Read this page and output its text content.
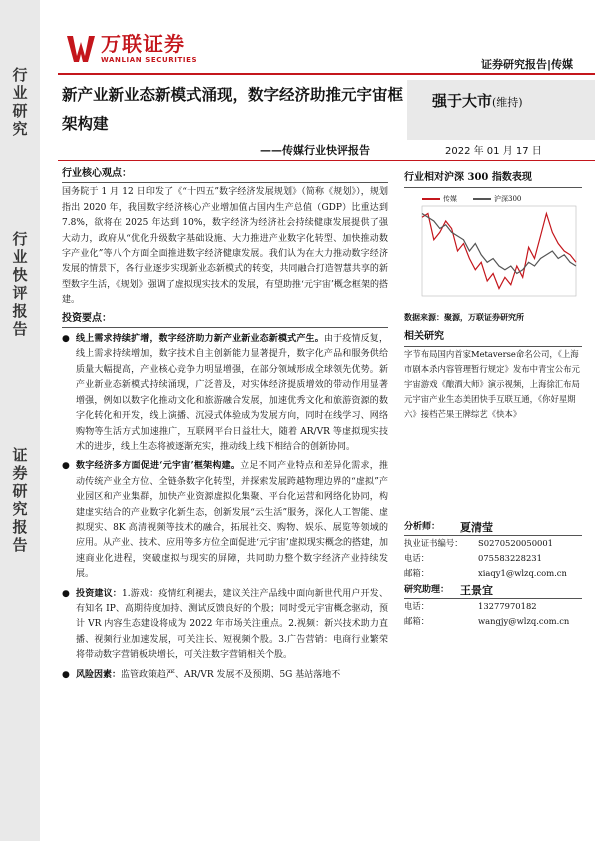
行业研究
行业快评报告
证券研究报告
万联证券
WANLIAN SECURITIES	证券研究报告|传媒
新产业新业态新模式涌现，数字经济助推元宇宙框架构建
——传媒行业快评报告
强于大市(维持)
2022 年 01 月 17 日
行业核心观点：

国务院于 1 月 12 日印发了《“十四五”数字经济发展规划》（简称《规划》），规划指出 2020 年，我国数字经济核心产业增加值占国内生产总值（GDP）比重达到 7.8%，欲将在 2025 年达到 10%，数字经济为经济社会持续健康发展提供了强大动力，政府从“优化升级数字基础设施、大力推进产业数字化转型、加快推动数字产业化”等八个方面全面推进数字经济健康发展。我们认为在大力推动数字经济发展的情景下，各行业逐步实现新业态新模式的转变，共同融合打造智慧共享的新型数字生活，《规划》强调了虚拟现实技术的发展，有望助推‘元宇宙’概念框架的搭建。

投资要点：
● 线上需求持续扩增，数字经济助力新产业新业态新模式产生。由于疫情反复，线上需求持续增加，数字技术自主创新能力显著提升，数字化产品和服务供给质量大幅提高，产业核心竞争力明显增强，在部分领域形成全球领先优势。新产业新业态新模式持续涌现，广泛普及，对实体经济提质增效的带动作用显著增强，例如以数字化推动文化和旅游融合发展，加速优秀文化和旅游资源的数字化转化和开发，线上演播、沉浸式体验成为发展方向，同时在线学习、网络购物等生活方式加速推广，互联网平台日益壮大，随着 AR/VR 等虚拟现实技术的进步，线上生态将被逐渐充实，推动线上线下相结合的创新协同。
● 数字经济多方面促进‘元宇宙’框架构建。立足不同产业特点和差异化需求，推动传统产业全方位、全链条数字化转型，并探索发展跨越物理边界的“虚拟”产业园区和产业集群，加快产业资源虚拟化集聚、平台化运营和网络化协同，构建虚实结合的产业数字化新生态，创新发展“云生活”服务，深化人工智能、虚拟现实、8K 高清视频等技术的融合，拓展社交、购物、娱乐、展览等领域的应用。从产业、技术、应用等多方位全面促进‘元宇宙’虚拟现实概念的搭建，加速商业化进程，突破虚拟与现实的屏障，共同助力整个数字经济产业持续发展。
● 投资建议：1.游戏：疫情红利褪去，建议关注产品线中面向新世代用户开发、有知名 IP、高期待度加持、测试反馈良好的个股；同时受元宇宙概念驱动，预计 VR 内容生态建设将成为 2022 年市场关注重点。2.视频：新兴技术助力直播、视频行业加速发展，可关注长、短视频个股。3.广告营销：电商行业繁荣将带动数字营销板块增长，可关注数字营销相关个股。
● 风险因素：监管政策趋严、AR/VR 发展不及预期、5G 基站落地不
行业相对沪深 300 指数表现
传媒	沪深300
数据来源：聚源，万联证券研究所
相关研究
字节布局国内首家Metaverse命名公司，《上海市剧本杀内容管理暂行规定》发布中青宝公布元宇宙游戏《酿酒大师》演示视频，上海徐汇布局元宇宙产业生态美团快手互联互通，《你好星期六》接档芒果王牌综艺《快本》
分析师：	夏清莹
执业证书编号：	S0270520050001
电话：	075583228231
邮箱：	xiaqy1@wlzq.com.cn
研究助理： 王景宜
电话：	13277970182
邮箱：	wangjy@wlzq.com.cn
